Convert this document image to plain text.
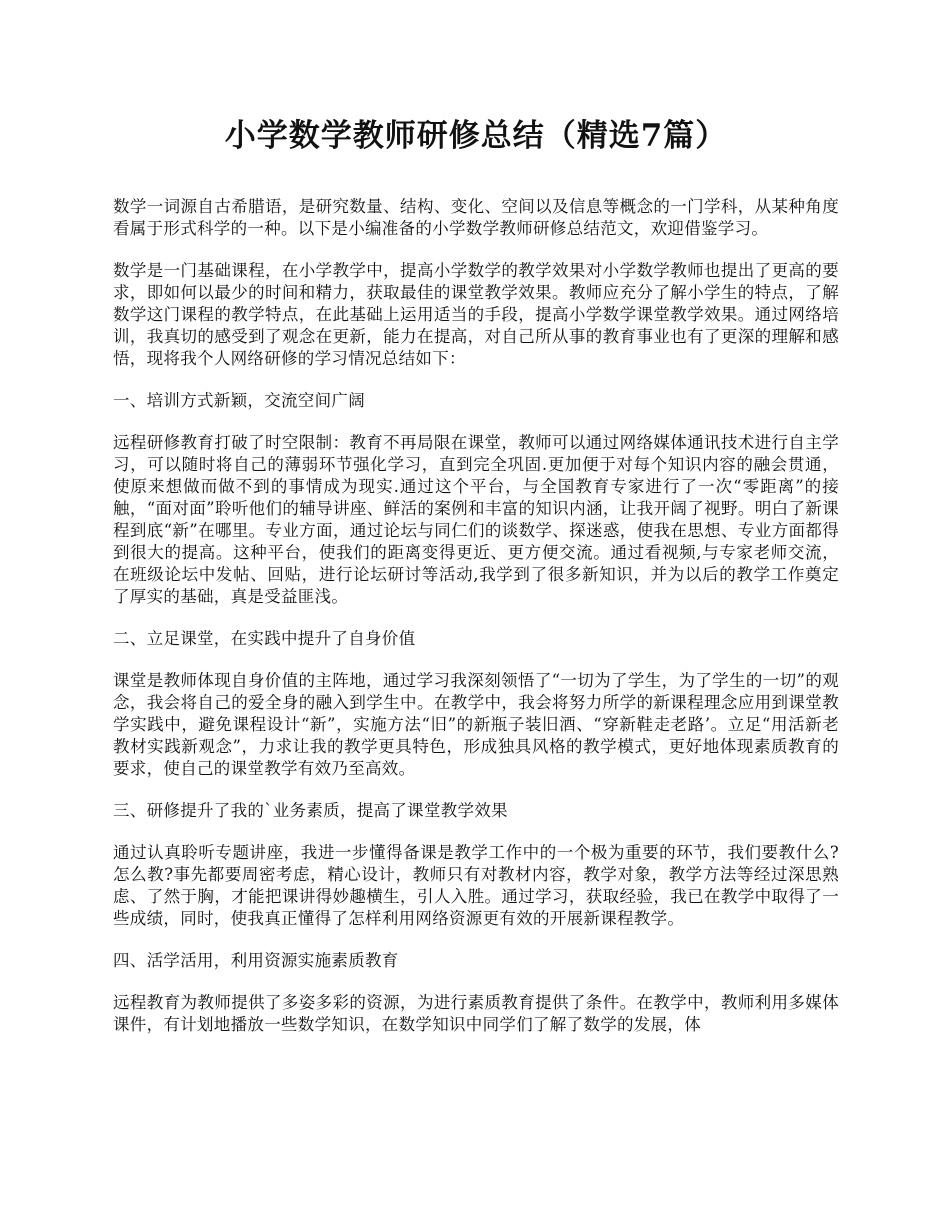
小学数学教师研修总结（精选7篇）

数学一词源自古希腊语，是研究数量、结构、变化、空间以及信息等概念的一门学科，从某种角度看属于形式科学的一种。以下是小编准备的小学数学教师研修总结范文，欢迎借鉴学习。

数学是一门基础课程，在小学教学中，提高小学数学的教学效果对小学数学教师也提出了更高的要求，即如何以最少的时间和精力，获取最佳的课堂教学效果。教师应充分了解小学生的特点，了解数学这门课程的教学特点，在此基础上运用适当的手段，提高小学数学课堂教学效果。通过网络培训，我真切的感受到了观念在更新，能力在提高，对自己所从事的教育事业也有了更深的理解和感悟，现将我个人网络研修的学习情况总结如下：

一、培训方式新颖，交流空间广阔

远程研修教育打破了时空限制：教育不再局限在课堂，教师可以通过网络媒体通讯技术进行自主学习，可以随时将自己的薄弱环节强化学习，直到完全巩固.更加便于对每个知识内容的融会贯通，使原来想做而做不到的事情成为现实.通过这个平台，与全国教育专家进行了一次“零距离”的接触，“面对面”聆听他们的辅导讲座、鲜活的案例和丰富的知识内涵，让我开阔了视野。明白了新课程到底“新”在哪里。专业方面，通过论坛与同仁们的谈数学、探迷惑，使我在思想、专业方面都得到很大的提高。这种平台，使我们的距离变得更近、更方便交流。通过看视频,与专家老师交流，在班级论坛中发帖、回贴，进行论坛研讨等活动,我学到了很多新知识，并为以后的教学工作奠定了厚实的基础，真是受益匪浅。

二、立足课堂，在实践中提升了自身价值

课堂是教师体现自身价值的主阵地，通过学习我深刻领悟了“一切为了学生，为了学生的一切”的观念，我会将自己的爱全身的融入到学生中。在教学中，我会将努力所学的新课程理念应用到课堂教学实践中，避免课程设计“新”，实施方法“旧”的新瓶子装旧酒、“穿新鞋走老路’。立足“用活新老教材实践新观念”，力求让我的教学更具特色，形成独具风格的教学模式，更好地体现素质教育的要求，使自己的课堂教学有效乃至高效。

三、研修提升了我的`业务素质，提高了课堂教学效果

通过认真聆听专题讲座，我进一步懂得备课是教学工作中的一个极为重要的环节，我们要教什么?怎么教?事先都要周密考虑，精心设计，教师只有对教材内容，教学对象，教学方法等经过深思熟虑、了然于胸，才能把课讲得妙趣横生，引人入胜。通过学习，获取经验，我已在教学中取得了一些成绩，同时，使我真正懂得了怎样利用网络资源更有效的开展新课程教学。

四、活学活用，利用资源实施素质教育

远程教育为教师提供了多姿多彩的资源，为进行素质教育提供了条件。在教学中，教师利用多媒体课件，有计划地播放一些数学知识，在数学知识中同学们了解了数学的发展，体
